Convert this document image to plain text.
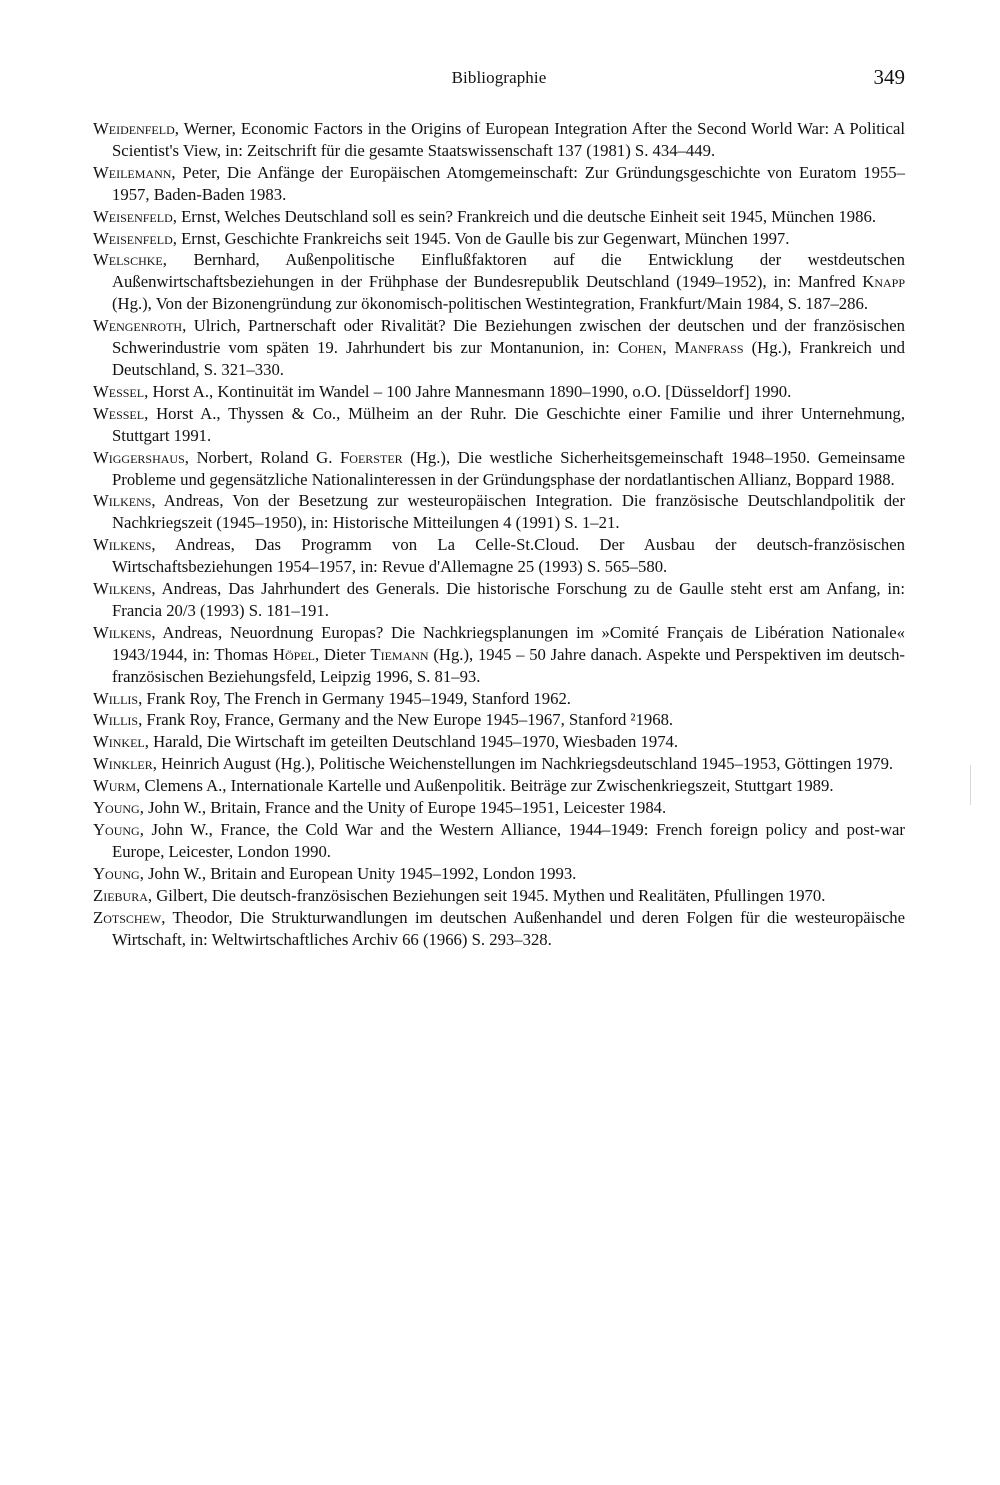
Bibliographie	349

Weidenfeld, Werner, Economic Factors in the Origins of European Integration After the Second World War: A Political Scientist's View, in: Zeitschrift für die gesamte Staatswissenschaft 137 (1981) S. 434–449.

Weilemann, Peter, Die Anfänge der Europäischen Atomgemeinschaft: Zur Gründungsgeschichte von Euratom 1955–1957, Baden-Baden 1983.

Weisenfeld, Ernst, Welches Deutschland soll es sein? Frankreich und die deutsche Einheit seit 1945, München 1986.

Weisenfeld, Ernst, Geschichte Frankreichs seit 1945. Von de Gaulle bis zur Gegenwart, München 1997.

Welschke, Bernhard, Außenpolitische Einflußfaktoren auf die Entwicklung der westdeutschen Außenwirtschaftsbeziehungen in der Frühphase der Bundesrepublik Deutschland (1949–1952), in: Manfred Knapp (Hg.), Von der Bizonengründung zur ökonomisch-politischen Westintegration, Frankfurt/Main 1984, S. 187–286.

Wengenroth, Ulrich, Partnerschaft oder Rivalität? Die Beziehungen zwischen der deutschen und der französischen Schwerindustrie vom späten 19. Jahrhundert bis zur Montanunion, in: Cohen, Manfrass (Hg.), Frankreich und Deutschland, S. 321–330.

Wessel, Horst A., Kontinuität im Wandel – 100 Jahre Mannesmann 1890–1990, o.O. [Düsseldorf] 1990.

Wessel, Horst A., Thyssen & Co., Mülheim an der Ruhr. Die Geschichte einer Familie und ihrer Unternehmung, Stuttgart 1991.

Wiggershaus, Norbert, Roland G. Foerster (Hg.), Die westliche Sicherheitsgemeinschaft 1948–1950. Gemeinsame Probleme und gegensätzliche Nationalinteressen in der Gründungsphase der nordatlantischen Allianz, Boppard 1988.

Wilkens, Andreas, Von der Besetzung zur westeuropäischen Integration. Die französische Deutschlandpolitik der Nachkriegszeit (1945–1950), in: Historische Mitteilungen 4 (1991) S. 1–21.

Wilkens, Andreas, Das Programm von La Celle-St.Cloud. Der Ausbau der deutsch-französischen Wirtschaftsbeziehungen 1954–1957, in: Revue d'Allemagne 25 (1993) S. 565–580.

Wilkens, Andreas, Das Jahrhundert des Generals. Die historische Forschung zu de Gaulle steht erst am Anfang, in: Francia 20/3 (1993) S. 181–191.

Wilkens, Andreas, Neuordnung Europas? Die Nachkriegsplanungen im »Comité Français de Libération Nationale« 1943/1944, in: Thomas Höpel, Dieter Tiemann (Hg.), 1945 – 50 Jahre danach. Aspekte und Perspektiven im deutsch-französischen Beziehungsfeld, Leipzig 1996, S. 81–93.

Willis, Frank Roy, The French in Germany 1945–1949, Stanford 1962.

Willis, Frank Roy, France, Germany and the New Europe 1945–1967, Stanford ²1968.

Winkel, Harald, Die Wirtschaft im geteilten Deutschland 1945–1970, Wiesbaden 1974.

Winkler, Heinrich August (Hg.), Politische Weichenstellungen im Nachkriegsdeutschland 1945–1953, Göttingen 1979.

Wurm, Clemens A., Internationale Kartelle und Außenpolitik. Beiträge zur Zwischenkriegszeit, Stuttgart 1989.

Young, John W., Britain, France and the Unity of Europe 1945–1951, Leicester 1984.

Young, John W., France, the Cold War and the Western Alliance, 1944–1949: French foreign policy and post-war Europe, Leicester, London 1990.

Young, John W., Britain and European Unity 1945–1992, London 1993.

Ziebura, Gilbert, Die deutsch-französischen Beziehungen seit 1945. Mythen und Realitäten, Pfullingen 1970.

Zotschew, Theodor, Die Strukturwandlungen im deutschen Außenhandel und deren Folgen für die westeuropäische Wirtschaft, in: Weltwirtschaftliches Archiv 66 (1966) S. 293–328.
